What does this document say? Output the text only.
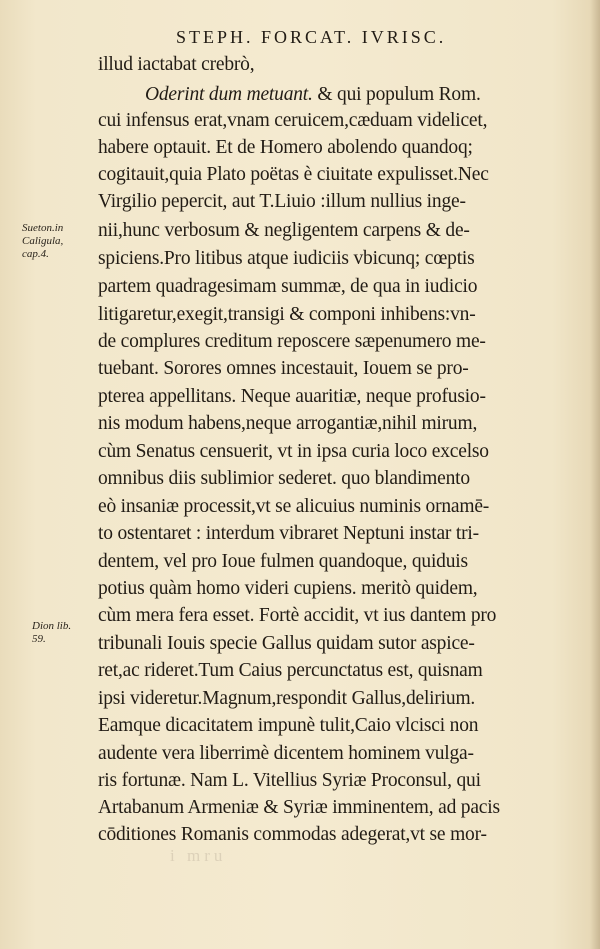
STEPH. FORCAT. IVRISC.
illud iactabat crebrò,
Oderint dum metuant. & qui populum Rom.
cui infensus erat,vnam ceruicem,cæduam videlicet,
habere optauit. Et de Homero abolendo quandoq;
cogitauit,quia Plato poëtas è ciuitate expulisset.Nec
Virgilio pepercit, aut T.Liuio :illum nullius inge-
nii,hunc verbosum & negligentem carpens & de-
spiciens.Pro litibus atque iudiciis vbicunq; cœptis
partem quadragesimam summæ, de qua in iudicio
litigaretur,exegit,transigi & componi inhibens:vn-
de complures creditum reposcere sæpenumero me-
tuebant. Sorores omnes incestauit, Iouem se pro-
pterea appellitans. Neque auaritiæ, neque profusio-
nis modum habens,neque arrogantiæ,nihil mirum,
cùm Senatus censuerit, vt in ipsa curia loco excelso
omnibus diis sublimior sederet. quo blandimento
eò insaniæ processit,vt se alicuius numinis ornamē-
to ostentaret : interdum vibraret Neptuni instar tri-
dentem, vel pro Ioue fulmen quandoque, quiduis
potius quàm homo videri cupiens. meritò quidem,
cùm mera fera esset. Fortè accidit, vt ius dantem pro
tribunali Iouis specie Gallus quidam sutor aspice-
ret,ac rideret.Tum Caius percunctatus est, quisnam
ipsi videretur.Magnum,respondit Gallus,delirium.
Eamque dicacitatem impunè tulit,Caio vlcisci non
audente vera liberrimè dicentem hominem vulga-
ris fortunæ. Nam L. Vitellius Syriæ Proconsul, qui
Artabanum Armeniæ & Syriæ imminentem, ad pacis
cōditiones Romanis commodas adegerat,vt se mor-
Sueton.in
Caligula,
cap.4.
Dion lib.
59.
i mru
